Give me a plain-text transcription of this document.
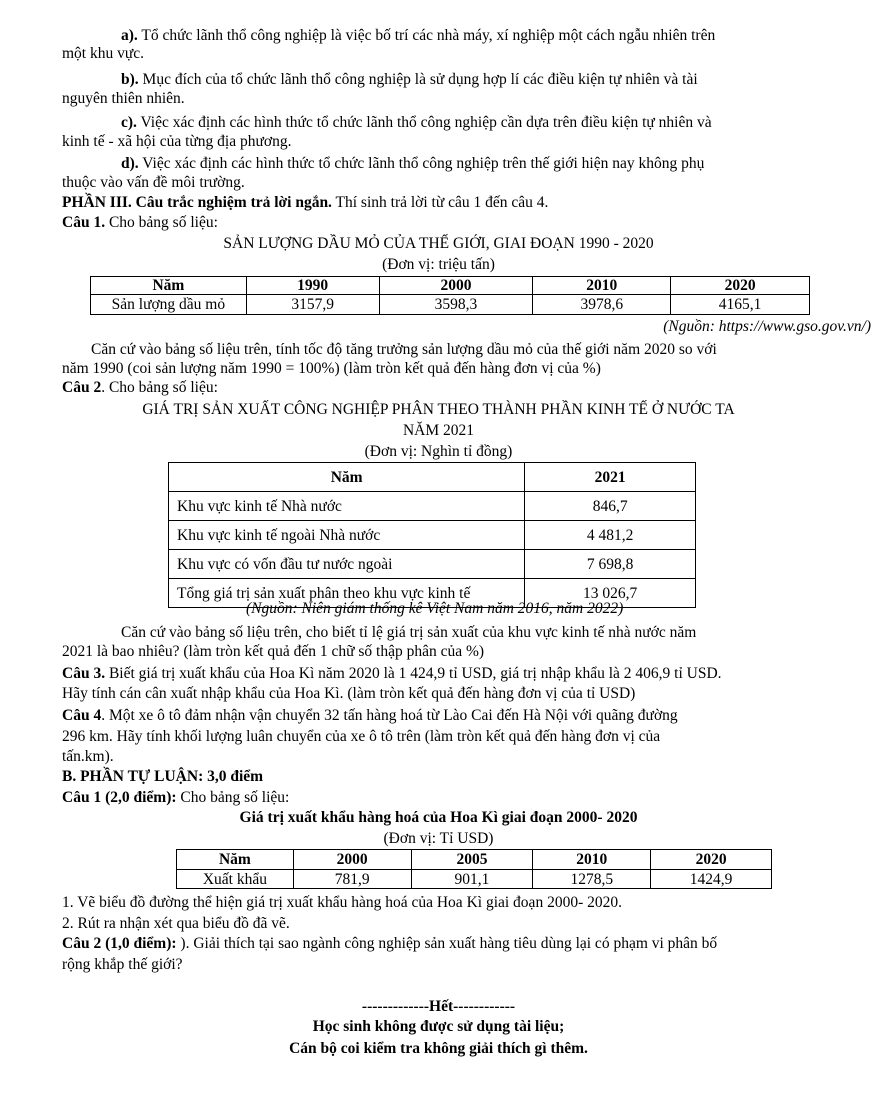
a). Tổ chức lãnh thổ công nghiệp là việc bố trí các nhà máy, xí nghiệp một cách ngẫu nhiên trên
một khu vực.
b). Mục đích của tổ chức lãnh thổ công nghiệp là sử dụng hợp lí các điều kiện tự nhiên và tài
nguyên thiên nhiên.
c). Việc xác định các hình thức tổ chức lãnh thổ công nghiệp cần dựa trên điều kiện tự nhiên và
kinh tế - xã hội của từng địa phương.
d). Việc xác định các hình thức tổ chức lãnh thổ công nghiệp trên thế giới hiện nay không phụ
thuộc vào vấn đề môi trường.
PHẦN III. Câu trắc nghiệm trả lời ngắn. Thí sinh trả lời từ câu 1 đến câu 4.
Câu 1. Cho bảng số liệu:
SẢN LƯỢNG DẦU MỎ CỦA THẾ GIỚI, GIAI ĐOẠN 1990 - 2020
(Đơn vị: triệu tấn)
Năm	1990	2000	2010	2020
Sản lượng dầu mỏ	3157,9	3598,3	3978,6	4165,1
(Nguồn: https://www.gso.gov.vn/)
Căn cứ vào bảng số liệu trên, tính tốc độ tăng trưởng sản lượng dầu mỏ của thế giới năm 2020 so với
năm 1990 (coi sản lượng năm 1990 = 100%) (làm tròn kết quả đến hàng đơn vị của %)
Câu 2. Cho bảng số liệu:
GIÁ TRỊ SẢN XUẤT CÔNG NGHIỆP PHÂN THEO THÀNH PHẦN KINH TẾ Ở NƯỚC TA
NĂM 2021
(Đơn vị: Nghìn tỉ đồng)
Năm	2021
Khu vực kinh tế Nhà nước	846,7
Khu vực kinh tế ngoài Nhà nước	4 481,2
Khu vực có vốn đầu tư nước ngoài	7 698,8
Tổng giá trị sản xuất phân theo khu vực kinh tế	13 026,7
(Nguồn: Niên giám thống kê Việt Nam năm 2016, năm 2022)
Căn cứ vào bảng số liệu trên, cho biết tỉ lệ giá trị sản xuất của khu vực kinh tế nhà nước năm
2021 là bao nhiêu? (làm tròn kết quả đến 1 chữ số thập phân của %)
Câu 3. Biết giá trị xuất khẩu của Hoa Kì năm 2020 là 1 424,9 tỉ USD, giá trị nhập khẩu là 2 406,9 tỉ USD.
Hãy tính cán cân xuất nhập khẩu của Hoa Kì. (làm tròn kết quả đến hàng đơn vị của tỉ USD)
Câu 4. Một xe ô tô đảm nhận vận chuyển 32 tấn hàng hoá từ Lào Cai đến Hà Nội với quãng đường
296 km. Hãy tính khối lượng luân chuyển của xe ô tô trên (làm tròn kết quả đến hàng đơn vị của
tấn.km).
B. PHẦN TỰ LUẬN: 3,0 điểm
Câu 1 (2,0 điểm): Cho bảng số liệu:
Giá trị xuất khẩu hàng hoá của Hoa Kì giai đoạn 2000- 2020
(Đơn vị: Tỉ USD)
Năm	2000	2005	2010	2020
Xuất khẩu	781,9	901,1	1278,5	1424,9
1. Vẽ biểu đồ đường thể hiện giá trị xuất khẩu hàng hoá của Hoa Kì giai đoạn 2000- 2020.
2. Rút ra nhận xét qua biểu đồ đã vẽ.
Câu 2 (1,0 điểm): ). Giải thích tại sao ngành công nghiệp sản xuất hàng tiêu dùng lại có phạm vi phân bố
rộng khắp thế giới?
-------------Hết------------
Học sinh không được sử dụng tài liệu;
Cán bộ coi kiểm tra không giải thích gì thêm.
